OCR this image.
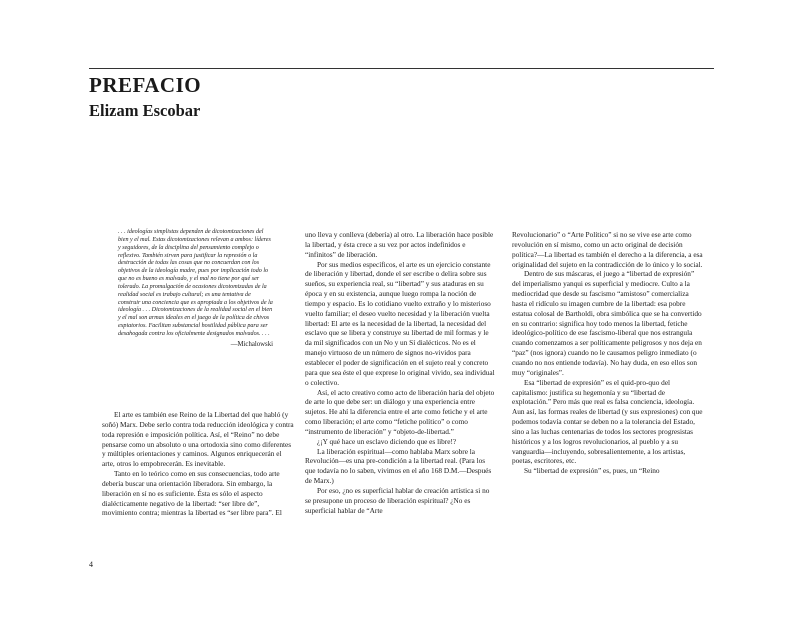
PREFACIO
Elizam Escobar

. . . ideologías simplistas dependen de dicotomizaciones del bien y el mal. Estas dicotomizaciones relevan a ambos: líderes y seguidores, de la disciplina del pensamiento complejo o reflexivo. También sirven para justificar la represión o la destrucción de todas las cosas que no concuerdan con los objetivos de la ideología madre, pues por implicación todo lo que no es bueno es malvado, y el mal no tiene por qué ser tolerado. La promulgación de ocasiones dicotomizadas de la realidad social es trabajo cultural; es una tentativa de construir una conciencia que es apropiada a los objetivos de la ideología . . . Dicotomizaciones de la realidad social en el bien y el mal son armas ideales en el juego de la política de chivos expiatorios. Facilitan substancial hostilidad pública para ser desahogada contra los oficialmente designados malvados. . . .

—Michalowski

El arte es también ese Reino de la Libertad del que habló (y soñó) Marx. Debe serlo contra toda reducción ideológica y contra toda represión e imposición política. Así, el “Reino” no debe pensarse como un absoluto o una ortodoxia sino como diferentes y múltiples orientaciones y caminos. Algunos enriquecerán el arte, otros lo empobrecerán. Es inevitable.

Tanto en lo teórico como en sus consecuencias, todo arte debería buscar una orientación liberadora. Sin embargo, la liberación en sí no es suficiente. Ésta es sólo el aspecto dialécticamente negativo de la libertad: “ser libre de”, movimiento contra; mientras la libertad es “ser libre para”. El

uno lleva y conlleva (debería) al otro. La liberación hace posible la libertad, y ésta crece a su vez por actos indefinidos e “infinitos” de liberación.

Por sus medios específicos, el arte es un ejercicio constante de liberación y libertad, donde el ser escribe o delira sobre sus sueños, su experiencia real, su “libertad” y sus ataduras en su época y en su existencia, aunque luego rompa la noción de tiempo y espacio. Es lo cotidiano vuelto extraño y lo misterioso vuelto familiar; el deseo vuelto necesidad y la liberación vuelta libertad: El arte es la necesidad de la libertad, la necesidad del esclavo que se libera y construye su libertad de mil formas y le da mil significados con un No y un Sí dialécticos. No es el manejo virtuoso de un número de signos no-vividos para establecer el poder de significación en el sujeto real y concreto para que sea éste el que exprese lo original vivido, sea individual o colectivo.

Así, el acto creativo como acto de liberación haría del objeto de arte lo que debe ser: un diálogo y una experiencia entre sujetos. He ahí la diferencia entre el arte como fetiche y el arte como liberación; el arte como “fetiche político” o como “instrumento de liberación” y “objeto-de-libertad.”

¿¡Y qué hace un esclavo diciendo que es libre!?

La liberación espiritual—como hablaba Marx sobre la Revolución—es una pre-condición a la libertad real. (Para los que todavía no lo saben, vivimos en el año 168 D.M.—Después de Marx.)

Por eso, ¿no es superficial hablar de creación artística si no se presupone un proceso de liberación espiritual? ¿No es superficial hablar de “Arte

Revolucionario” o “Arte Político” si no se vive ese arte como revolución en sí mismo, como un acto original de decisión política?—La libertad es también el derecho a la diferencia, a esa originalidad del sujeto en la contradicción de lo único y lo social.

Dentro de sus máscaras, el juego a “libertad de expresión” del imperialismo yanqui es superficial y mediocre. Culto a la mediocridad que desde su fascismo “amistoso” comercializa hasta el ridículo su imagen cumbre de la libertad: esa pobre estatua colosal de Bartholdi, obra simbólica que se ha convertido en su contrario: significa hoy todo menos la libertad, fetiche ideológico-político de ese fascismo-liberal que nos estrangula cuando comenzamos a ser políticamente peligrosos y nos deja en “paz” (nos ignora) cuando no le causamos peligro inmediato (o cuando no nos entiende todavía). No hay duda, en eso ellos son muy “originales”.

Esa “libertad de expresión” es el quid-pro-quo del capitalismo: justifica su hegemonía y su “libertad de explotación.” Pero más que real es falsa conciencia, ideología. Aun así, las formas reales de libertad (y sus expresiones) con que podemos todavía contar se deben no a la tolerancia del Estado, sino a las luchas centenarias de todos los sectores progresistas históricos y a los logros revolucionarios, al pueblo y a su vanguardia—incluyendo, sobresalientemente, a los artistas, poetas, escritores, etc.

Su “libertad de expresión” es, pues, un “Reino

4
